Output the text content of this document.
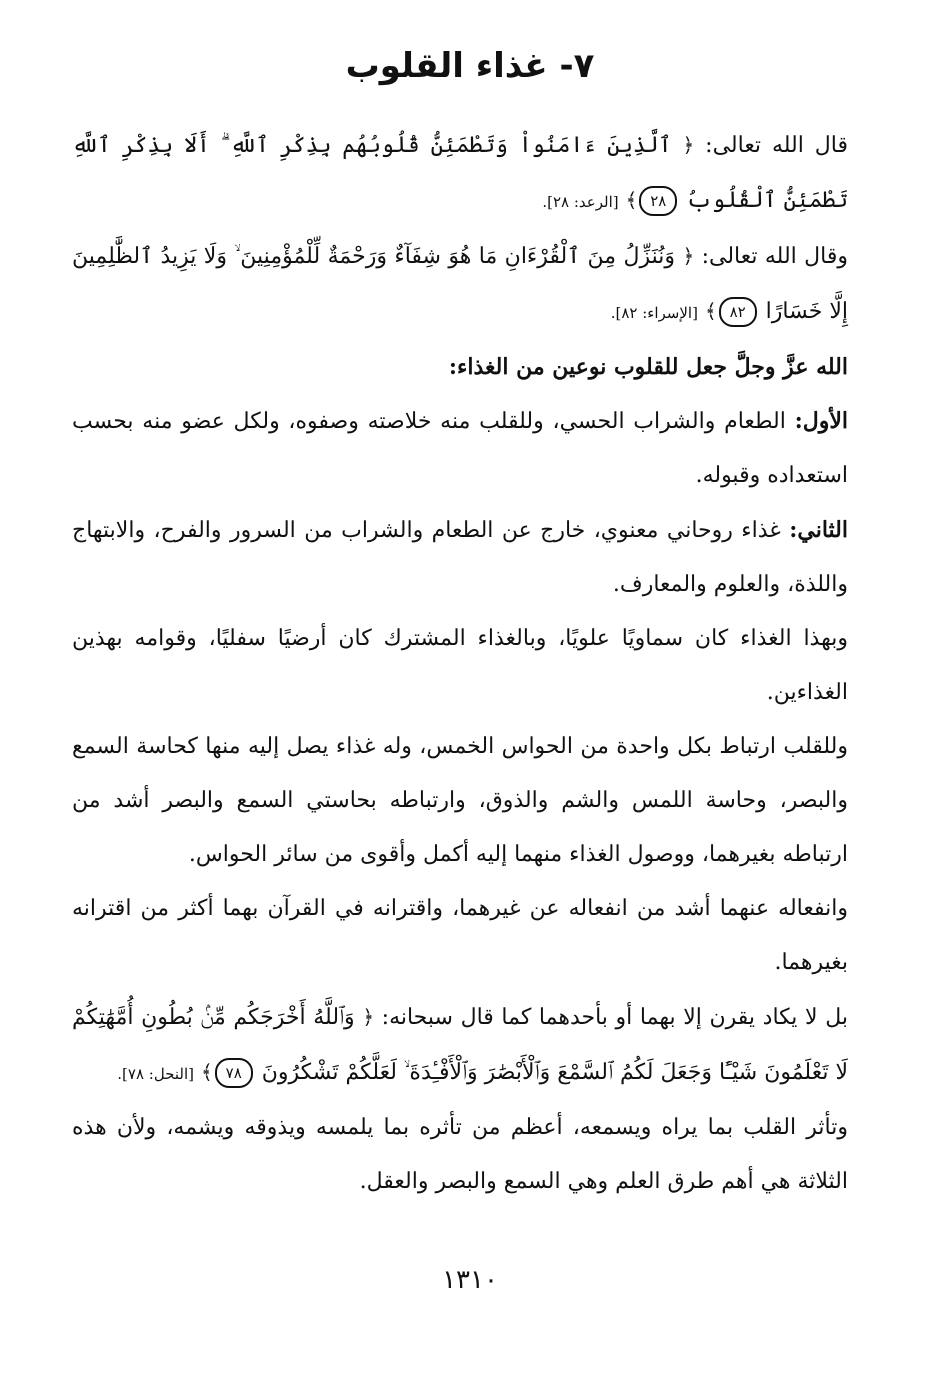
٧- غذاء القلوب

قال الله تعالى: ﴿ ٱلَّذِينَ ءَامَنُواْ وَتَطْمَئِنُّ قُلُوبُهُم بِذِكْرِ ٱللَّهِ ۗ أَلَا بِذِكْرِ ٱللَّهِ تَطْمَئِنُّ ٱلْقُلُوبُ ٢٨﴾ [الرعد: ٢٨].

وقال الله تعالى: ﴿ وَنُنَزِّلُ مِنَ ٱلْقُرْءَانِ مَا هُوَ شِفَآءٌ وَرَحْمَةٌ لِّلْمُؤْمِنِينَ ۙ وَلَا يَزِيدُ ٱلظَّٰلِمِينَ إِلَّا خَسَارًا ٨٢﴾ [الإسراء: ٨٢].

الله عزَّ وجلَّ جعل للقلوب نوعين من الغذاء:

الأول: الطعام والشراب الحسي، وللقلب منه خلاصته وصفوه، ولكل عضو منه بحسب استعداده وقبوله.

الثاني: غذاء روحاني معنوي، خارج عن الطعام والشراب من السرور والفرح، والابتهاج واللذة، والعلوم والمعارف.

وبهذا الغذاء كان سماويًا علويًا، وبالغذاء المشترك كان أرضيًا سفليًا، وقوامه بهذين الغذاءين.

وللقلب ارتباط بكل واحدة من الحواس الخمس، وله غذاء يصل إليه منها كحاسة السمع والبصر، وحاسة اللمس والشم والذوق، وارتباطه بحاستي السمع والبصر أشد من ارتباطه بغيرهما، ووصول الغذاء منهما إليه أكمل وأقوى من سائر الحواس.

وانفعاله عنهما أشد من انفعاله عن غيرهما، واقترانه في القرآن بهما أكثر من اقترانه بغيرهما.

بل لا يكاد يقرن إلا بهما أو بأحدهما كما قال سبحانه: ﴿ وَٱللَّهُ أَخْرَجَكُم مِّنۢ بُطُونِ أُمَّهَٰتِكُمْ لَا تَعْلَمُونَ شَيْـًٔا وَجَعَلَ لَكُمُ ٱلسَّمْعَ وَٱلْأَبْصَٰرَ وَٱلْأَفْـِٔدَةَ ۙ لَعَلَّكُمْ تَشْكُرُونَ ٧٨﴾ [النحل: ٧٨].

وتأثر القلب بما يراه ويسمعه، أعظم من تأثره بما يلمسه ويذوقه ويشمه، ولأن هذه الثلاثة هي أهم طرق العلم وهي السمع والبصر والعقل.

١٣١٠
